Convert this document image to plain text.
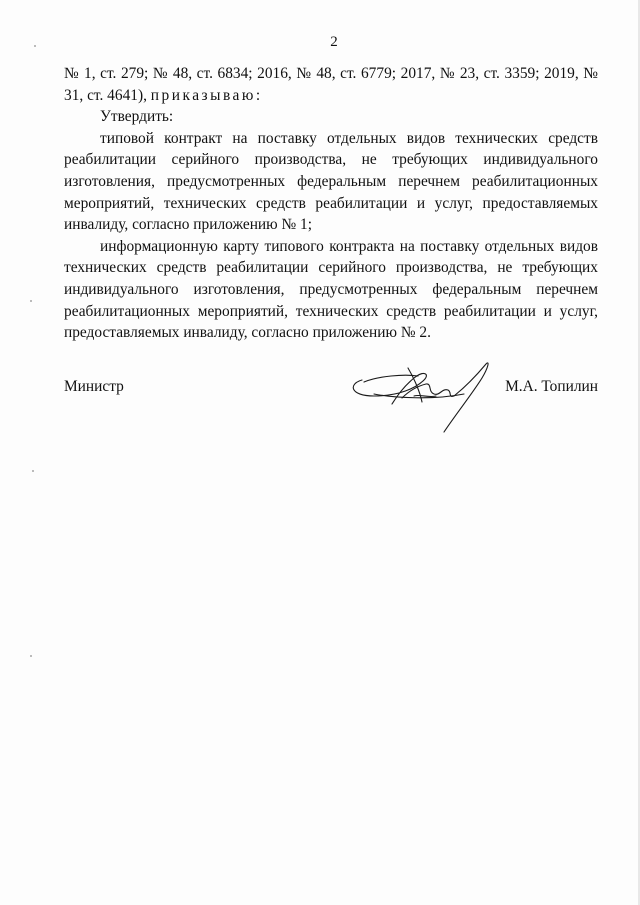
2

№ 1, ст. 279; № 48, ст. 6834; 2016, № 48, ст. 6779; 2017, № 23, ст. 3359; 2019, № 31, ст. 4641), приказываю:

Утвердить:

типовой контракт на поставку отдельных видов технических средств реабилитации серийного производства, не требующих индивидуального изготовления, предусмотренных федеральным перечнем реабилитационных мероприятий, технических средств реабилитации и услуг, предоставляемых инвалиду, согласно приложению № 1;

информационную карту типового контракта на поставку отдельных видов технических средств реабилитации серийного производства, не требующих индивидуального изготовления, предусмотренных федеральным перечнем реабилитационных мероприятий, технических средств реабилитации и услуг, предоставляемых инвалиду, согласно приложению № 2.

Министр	М.А. Топилин
